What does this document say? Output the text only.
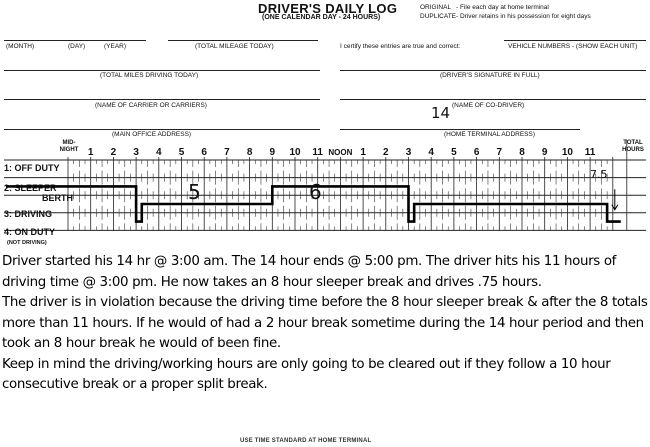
DRIVER'S DAILY LOG
(ONE CALENDAR DAY - 24 HOURS)
ORIGINAL - File each day at home terminal
DUPLICATE - Driver retains in his possession for eight days
(MONTH)	(DAY)	(YEAR)	(TOTAL MILEAGE TODAY)	I certify these entries are true and correct:	VEHICLE NUMBERS - (SHOW EACH UNIT)
(TOTAL MILES DRIVING TODAY)	(DRIVER'S SIGNATURE IN FULL)
(NAME OF CARRIER OR CARRIERS)	(NAME OF CO-DRIVER)
(MAIN OFFICE ADDRESS)	(HOME TERMINAL ADDRESS)
14
1 2 3 4 5 6 7 8 9 10 11 NOON 1 2 3 4 5 6 7 8 9 10 11
1: OFF DUTY
2: SLEEPER
BERTH
3: DRIVING
4: ON DUTY
(NOT DRIVING)
MID-NIGHT
TOTAL HOURS
5	6
7.5

Driver started his 14 hr @ 3:00 am. The 14 hour ends @ 5:00 pm. The driver hits his 11 hours of driving time @ 3:00 pm. He now takes an 8 hour sleeper break and drives .75 hours.

The driver is in violation because the driving time before the 8 hour sleeper break & after the 8 totals more than 11 hours. If he would of had a 2 hour break sometime during the 14 hour period and then took an 8 hour break he would of been fine.

Keep in mind the driving/working hours are only going to be cleared out if they follow a 10 hour consecutive break or a proper split break.

USE TIME STANDARD AT HOME TERMINAL
